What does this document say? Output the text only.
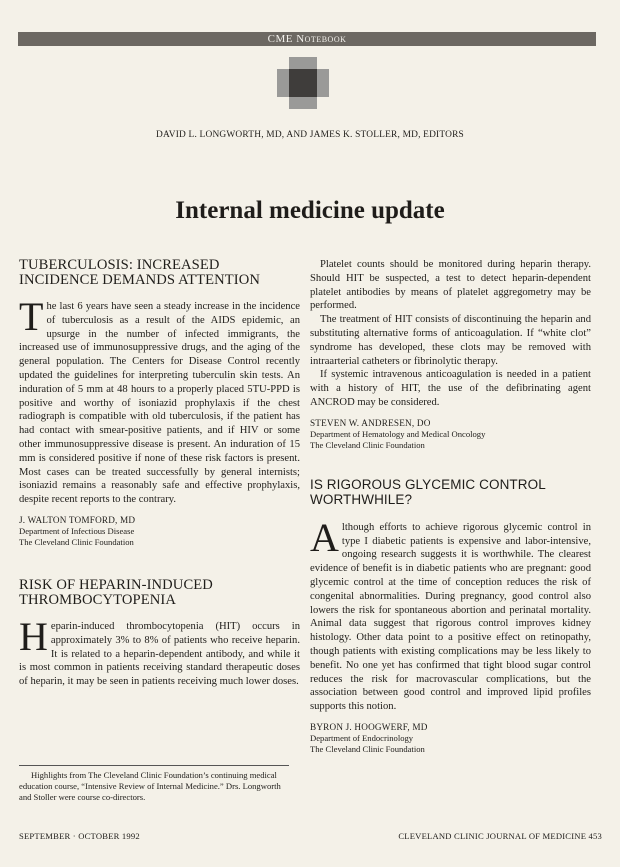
CME Notebook
DAVID L. LONGWORTH, MD, AND JAMES K. STOLLER, MD, EDITORS
Internal medicine update
TUBERCULOSIS: INCREASED INCIDENCE DEMANDS ATTENTION

The last 6 years have seen a steady increase in the incidence of tuberculosis as a result of the AIDS epidemic, an upsurge in the number of infected immigrants, the increased use of immunosuppressive drugs, and the aging of the general population. The Centers for Disease Control recently updated the guidelines for interpreting tuberculin skin tests. An induration of 5 mm at 48 hours to a properly placed 5TU-PPD is positive and worthy of isoniazid prophylaxis if the chest radiograph is compatible with old tuberculosis, if the patient has had contact with smear-positive patients, and if HIV or some other immunosuppressive disease is present. An induration of 15 mm is considered positive if none of these risk factors is present. Most cases can be treated successfully by general internists; isoniazid remains a reasonably safe and effective prophylaxis, despite recent reports to the contrary.

J. WALTON TOMFORD, MD
Department of Infectious Disease
The Cleveland Clinic Foundation
RISK OF HEPARIN-INDUCED THROMBOCYTOPENIA

Heparin-induced thrombocytopenia (HIT) occurs in approximately 3% to 8% of patients who receive heparin. It is related to a heparin-dependent antibody, and while it is most common in patients receiving standard therapeutic doses of heparin, it may be seen in patients receiving much lower doses.

Platelet counts should be monitored during heparin therapy. Should HIT be suspected, a test to detect heparin-dependent platelet antibodies by means of platelet aggregometry may be performed.

The treatment of HIT consists of discontinuing the heparin and substituting alternative forms of anticoagulation. If “white clot” syndrome has developed, these clots may be removed with intraarterial catheters or fibrinolytic therapy.

If systemic intravenous anticoagulation is needed in a patient with a history of HIT, the use of the defibrinating agent ANCROD may be considered.

STEVEN W. ANDRESEN, DO
Department of Hematology and Medical Oncology
The Cleveland Clinic Foundation
IS RIGOROUS GLYCEMIC CONTROL WORTHWHILE?

Although efforts to achieve rigorous glycemic control in type I diabetic patients is expensive and labor-intensive, ongoing research suggests it is worthwhile. The clearest evidence of benefit is in diabetic patients who are pregnant: good glycemic control at the time of conception reduces the risk of congenital abnormalities. During pregnancy, good control also lowers the risk for spontaneous abortion and perinatal mortality. Animal data suggest that rigorous control improves kidney histology. Other data point to a positive effect on retinopathy, though patients with existing complications may be less likely to benefit. No one yet has confirmed that tight blood sugar control reduces the risk for macrovascular complications, but the association between good control and improved lipid profiles supports this notion.

BYRON J. HOOGWERF, MD
Department of Endocrinology
The Cleveland Clinic Foundation
Highlights from The Cleveland Clinic Foundation’s continuing medical education course, “Intensive Review of Internal Medicine.” Drs. Longworth and Stoller were course co-directors.
SEPTEMBER · OCTOBER 1992	CLEVELAND CLINIC JOURNAL OF MEDICINE 453
